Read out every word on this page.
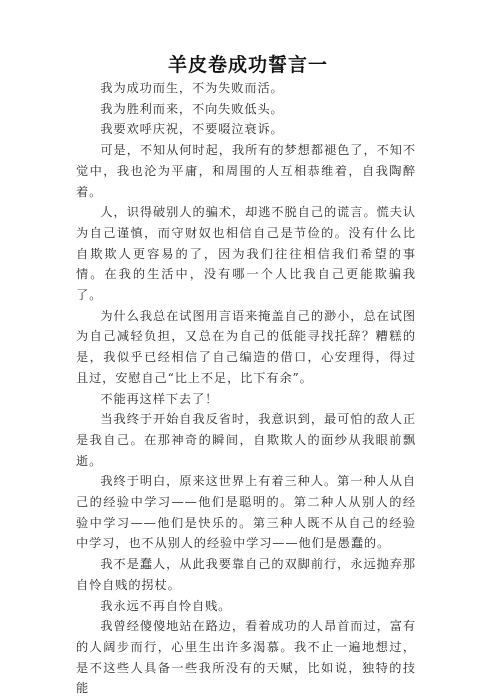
羊皮卷成功誓言一

我为成功而生，不为失败而活。

我为胜利而来，不向失败低头。

我要欢呼庆祝，不要啜泣衰诉。

可是，不知从何时起，我所有的梦想都褪色了，不知不觉中，我也沦为平庸，和周围的人互相恭维着，自我陶醉着。

人，识得破别人的骗术，却逃不脱自己的谎言。慌夫认为自己谨慎，而守财奴也相信自己是节俭的。没有什么比自欺欺人更容易的了，因为我们往往相信我们希望的事情。在我的生活中，没有哪一个人比我自己更能欺骗我了。

为什么我总在试图用言语来掩盖自己的渺小，总在试图为自己减轻负担，又总在为自己的低能寻找托辞？糟糕的是，我似乎已经相信了自己编造的借口，心安理得，得过且过，安慰自己“比上不足，比下有余”。

不能再这样下去了！

当我终于开始自我反省时，我意识到，最可怕的敌人正是我自己。在那神奇的瞬间，自欺欺人的面纱从我眼前飘逝。

我终于明白，原来这世界上有着三种人。第一种人从自己的经验中学习——他们是聪明的。第二种人从别人的经验中学习——他们是快乐的。第三种人既不从自己的经验中学习，也不从别人的经验中学习——他们是愚蠢的。

我不是蠢人，从此我要靠自己的双脚前行，永远抛弃那自怜自贱的拐杖。

我永远不再自怜自贱。

我曾经傻傻地站在路边，看着成功的人昂首而过，富有的人阔步而行，心里生出许多渴慕。我不止一遍地想过，是不这些人具备一些我所没有的天赋，比如说，独特的技能
